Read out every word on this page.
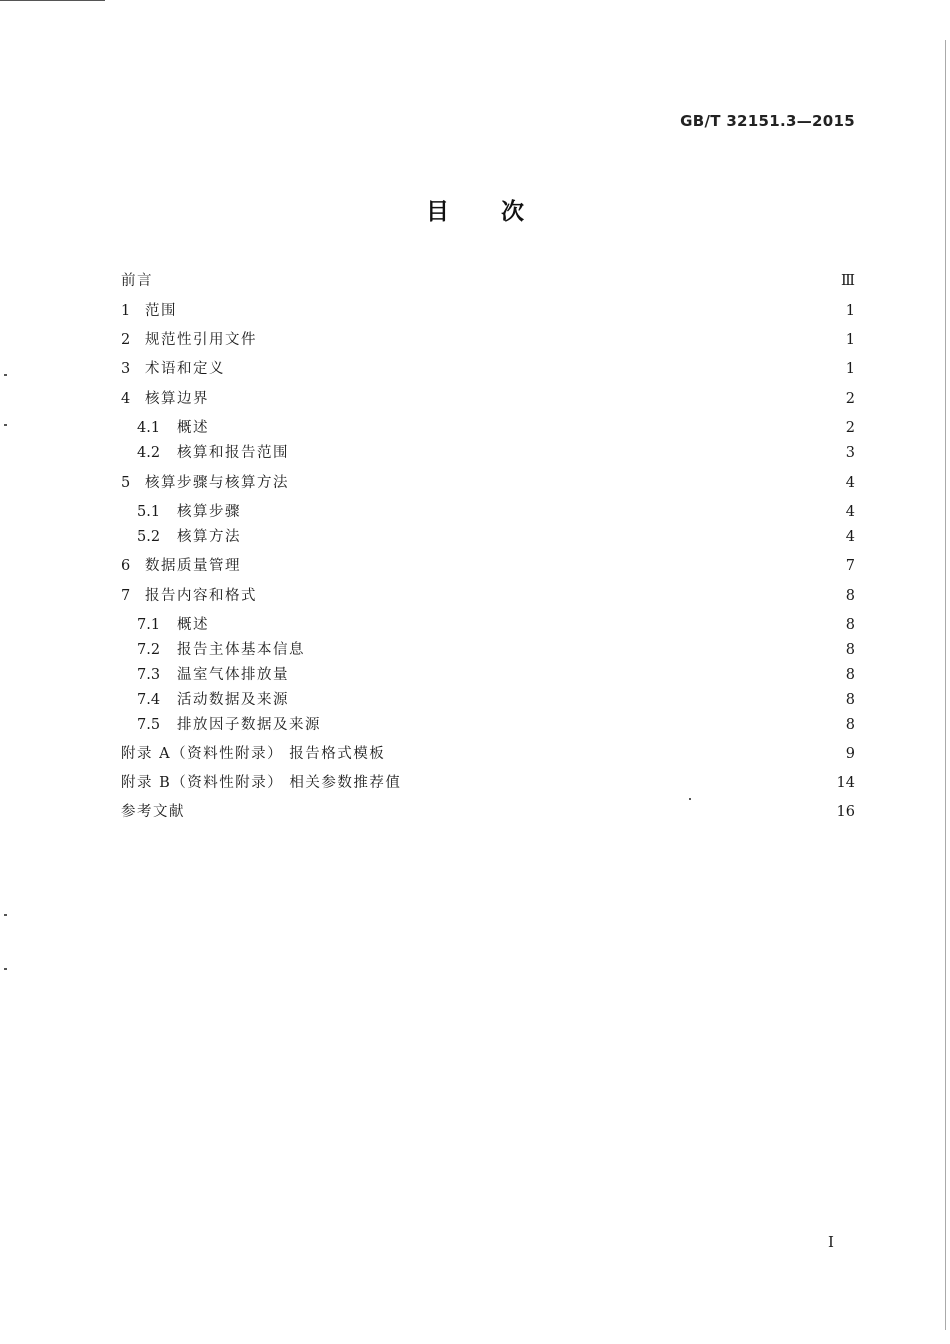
GB/T 32151.3—2015
目次
前言	Ⅲ
1	范围	1
2	规范性引用文件	1
3	术语和定义	1
4	核算边界	2
4.1	概述	2
4.2	核算和报告范围	3
5	核算步骤与核算方法	4
5.1	核算步骤	4
5.2	核算方法	4
6	数据质量管理	7
7	报告内容和格式	8
7.1	概述	8
7.2	报告主体基本信息	8
7.3	温室气体排放量	8
7.4	活动数据及来源	8
7.5	排放因子数据及来源	8
附录 A（资料性附录） 报告格式模板	9
附录 B（资料性附录） 相关参数推荐值	14
参考文献	16
I
